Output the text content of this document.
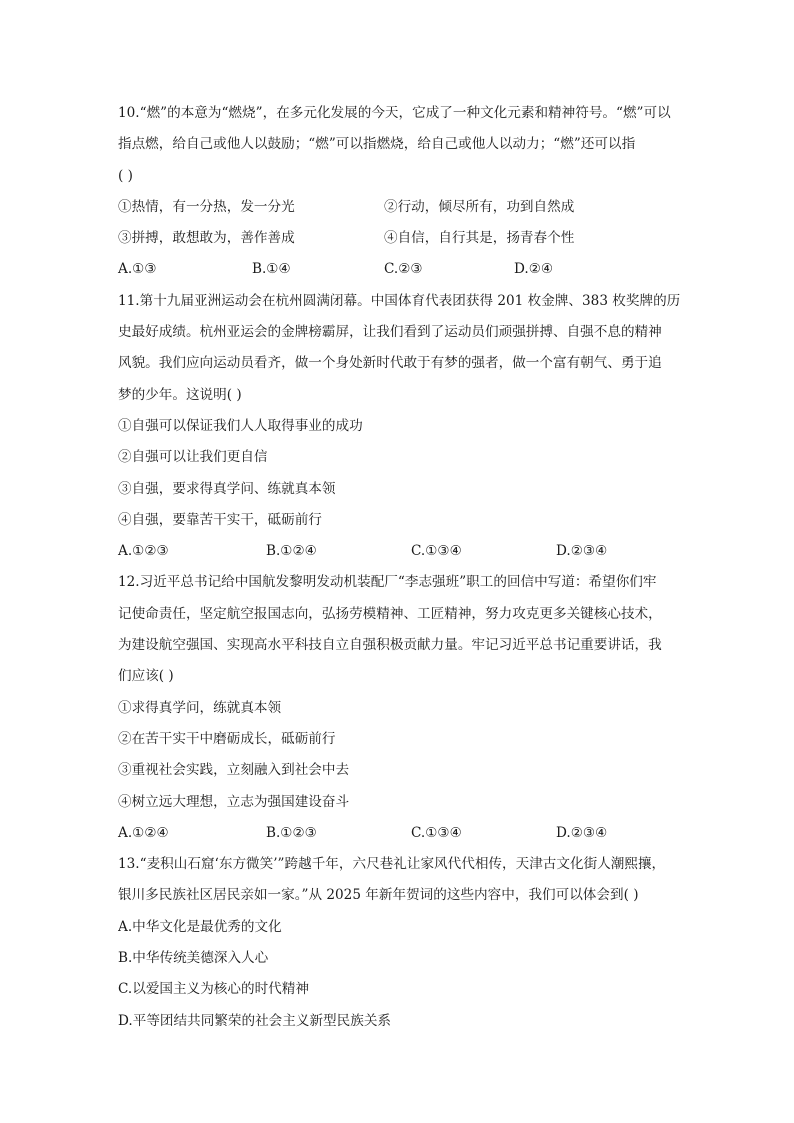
10.“燃”的本意为“燃烧”，在多元化发展的今天，它成了一种文化元素和精神符号。“燃”可以
指点燃，给自己或他人以鼓励；“燃”可以指燃烧，给自己或他人以动力；“燃”还可以指
( )
①热情，有一分热，发一分光	②行动，倾尽所有，功到自然成
③拼搏，敢想敢为，善作善成	④自信，自行其是，扬青春个性
A.①③	B.①④	C.②③	D.②④
11.第十九届亚洲运动会在杭州圆满闭幕。中国体育代表团获得 201 枚金牌、383 枚奖牌的历
史最好成绩。杭州亚运会的金牌榜霸屏，让我们看到了运动员们顽强拼搏、自强不息的精神
风貌。我们应向运动员看齐，做一个身处新时代敢于有梦的强者，做一个富有朝气、勇于追
梦的少年。这说明( )
①自强可以保证我们人人取得事业的成功
②自强可以让我们更自信
③自强，要求得真学问、练就真本领
④自强，要靠苦干实干，砥砺前行
A.①②③	B.①②④	C.①③④	D.②③④
12.习近平总书记给中国航发黎明发动机装配厂“李志强班”职工的回信中写道：希望你们牢
记使命责任，坚定航空报国志向，弘扬劳模精神、工匠精神，努力攻克更多关键核心技术，
为建设航空强国、实现高水平科技自立自强积极贡献力量。牢记习近平总书记重要讲话，我
们应该( )
①求得真学问，练就真本领
②在苦干实干中磨砺成长，砥砺前行
③重视社会实践，立刻融入到社会中去
④树立远大理想，立志为强国建设奋斗
A.①②④	B.①②③	C.①③④	D.②③④
13.“麦积山石窟‘东方微笑’”跨越千年，六尺巷礼让家风代代相传，天津古文化街人潮熙攘，
银川多民族社区居民亲如一家。”从 2025 年新年贺词的这些内容中，我们可以体会到( )
A.中华文化是最优秀的文化
B.中华传统美德深入人心
C.以爱国主义为核心的时代精神
D.平等团结共同繁荣的社会主义新型民族关系
